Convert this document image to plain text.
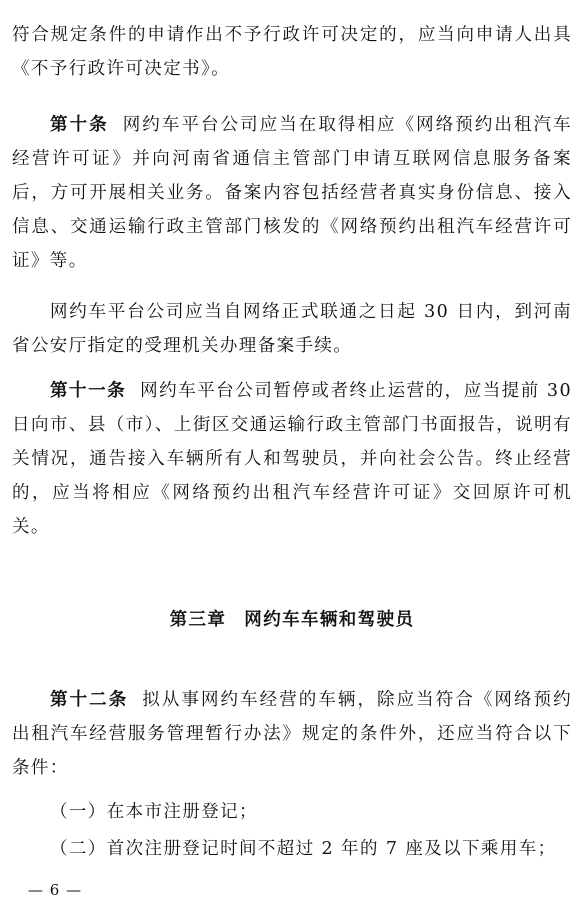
符合规定条件的申请作出不予行政许可决定的，应当向申请人出具《不予行政许可决定书》。

第十条 网约车平台公司应当在取得相应《网络预约出租汽车经营许可证》并向河南省通信主管部门申请互联网信息服务备案后，方可开展相关业务。备案内容包括经营者真实身份信息、接入信息、交通运输行政主管部门核发的《网络预约出租汽车经营许可证》等。

网约车平台公司应当自网络正式联通之日起 30 日内，到河南省公安厅指定的受理机关办理备案手续。

第十一条 网约车平台公司暂停或者终止运营的，应当提前 30 日向市、县（市）、上街区交通运输行政主管部门书面报告，说明有关情况，通告接入车辆所有人和驾驶员，并向社会公告。终止经营的，应当将相应《网络预约出租汽车经营许可证》交回原许可机关。

第三章 网约车车辆和驾驶员

第十二条 拟从事网约车经营的车辆，除应当符合《网络预约出租汽车经营服务管理暂行办法》规定的条件外，还应当符合以下条件：

（一）在本市注册登记；

（二）首次注册登记时间不超过 2 年的 7 座及以下乘用车；

— 6 —
